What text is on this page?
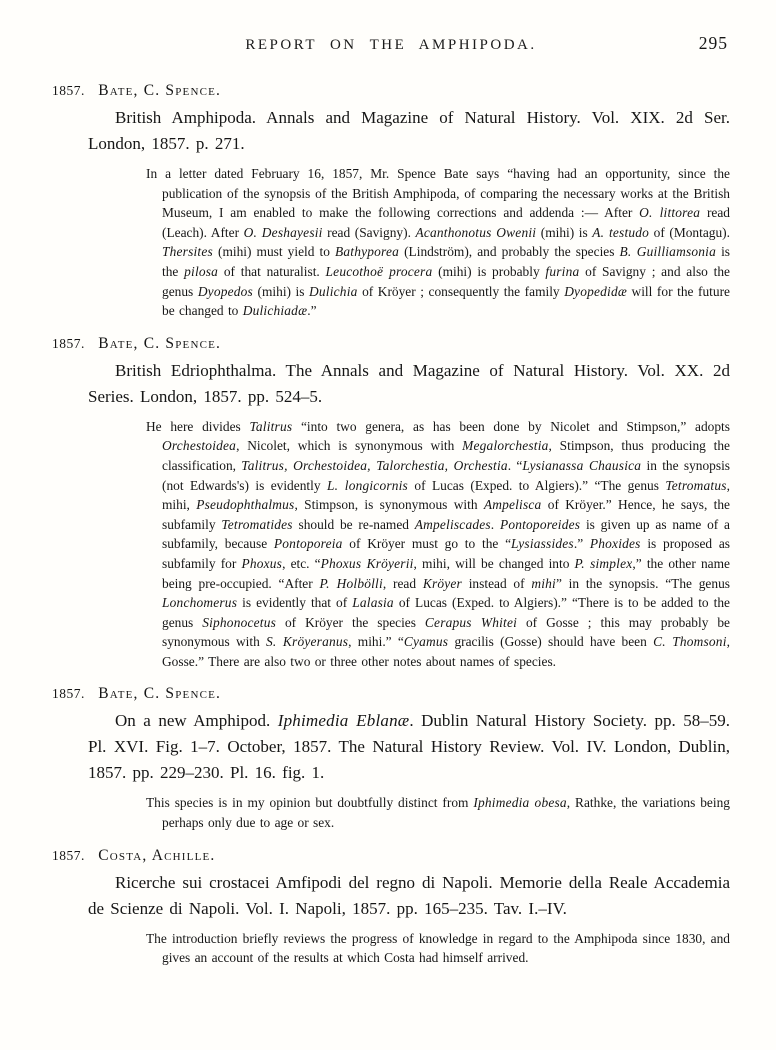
REPORT ON THE AMPHIPODA.	295
1857. Bate, C. Spence.

British Amphipoda. Annals and Magazine of Natural History. Vol. XIX. 2d Ser. London, 1857. p. 271.

In a letter dated February 16, 1857, Mr. Spence Bate says “having had an opportunity, since the publication of the synopsis of the British Amphipoda, of comparing the necessary works at the British Museum, I am enabled to make the following corrections and addenda :— After O. littorea read (Leach). After O. Deshayesii read (Savigny). Acanthonotus Owenii (mihi) is A. testudo of (Montagu). Thersites (mihi) must yield to Bathyporea (Lindström), and probably the species B. Guilliamsonia is the pilosa of that naturalist. Leucothoë procera (mihi) is probably furina of Savigny ; and also the genus Dyopedos (mihi) is Dulichia of Kröyer ; consequently the family Dyopedidæ will for the future be changed to Dulichiadæ.”

1857. Bate, C. Spence.

British Edriophthalma. The Annals and Magazine of Natural History. Vol. XX. 2d Series. London, 1857. pp. 524–5.

He here divides Talitrus “into two genera, as has been done by Nicolet and Stimpson,” adopts Orchestoidea, Nicolet, which is synonymous with Megalorchestia, Stimpson, thus producing the classification, Talitrus, Orchestoidea, Talorchestia, Orchestia. “Lysianassa Chausica in the synopsis (not Edwards's) is evidently L. longicornis of Lucas (Exped. to Algiers).” “The genus Tetromatus, mihi, Pseudophthalmus, Stimpson, is synonymous with Ampelisca of Kröyer.” Hence, he says, the subfamily Tetromatides should be re-named Ampeliscades. Pontoporeides is given up as name of a subfamily, because Pontoporeia of Kröyer must go to the “Lysiassides.” Phoxides is proposed as subfamily for Phoxus, etc. “Phoxus Kröyerii, mihi, will be changed into P. simplex,” the other name being pre-occupied. “After P. Holbölli, read Kröyer instead of mihi” in the synopsis. “The genus Lonchomerus is evidently that of Lalasia of Lucas (Exped. to Algiers).” “There is to be added to the genus Siphonocetus of Kröyer the species Cerapus Whitei of Gosse ; this may probably be synonymous with S. Kröyeranus, mihi.” “Cyamus gracilis (Gosse) should have been C. Thomsoni, Gosse.” There are also two or three other notes about names of species.

1857. Bate, C. Spence.

On a new Amphipod. Iphimedia Eblanæ. Dublin Natural History Society. pp. 58–59. Pl. XVI. Fig. 1–7. October, 1857. The Natural History Review. Vol. IV. London, Dublin, 1857. pp. 229–230. Pl. 16. fig. 1.

This species is in my opinion but doubtfully distinct from Iphimedia obesa, Rathke, the variations being perhaps only due to age or sex.

1857. Costa, Achille.

Ricerche sui crostacei Amfipodi del regno di Napoli. Memorie della Reale Accademia de Scienze di Napoli. Vol. I. Napoli, 1857. pp. 165–235. Tav. I.–IV.

The introduction briefly reviews the progress of knowledge in regard to the Amphipoda since 1830, and gives an account of the results at which Costa had himself arrived.
